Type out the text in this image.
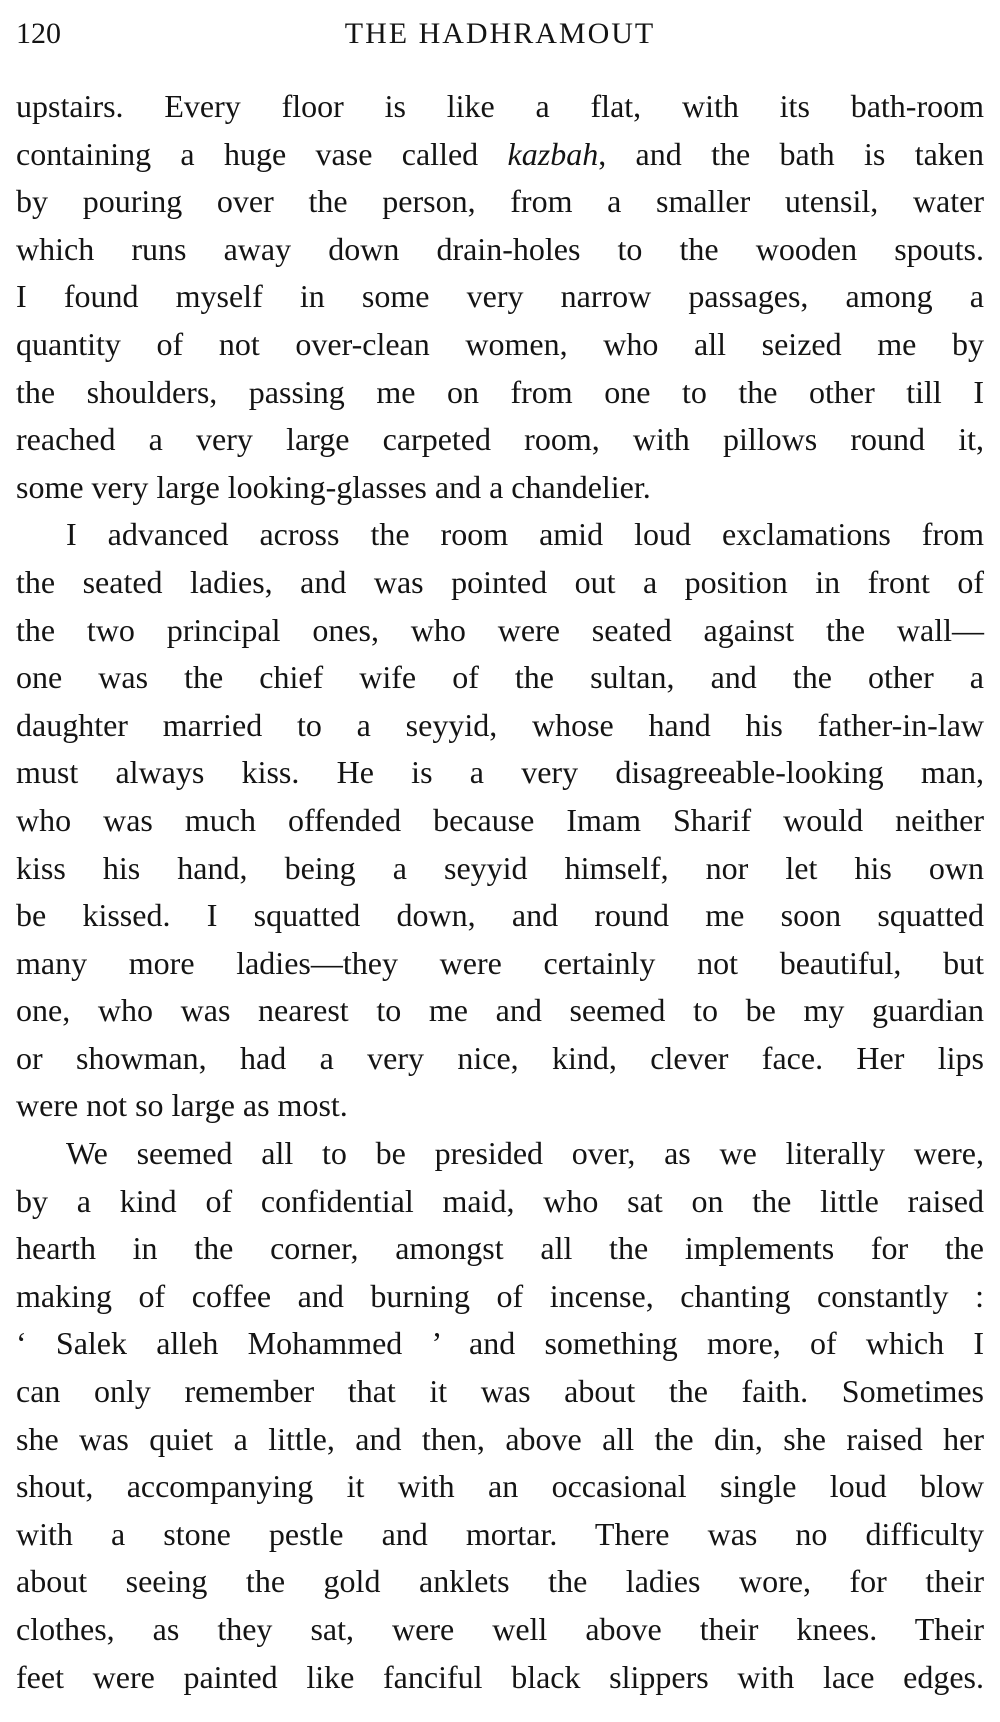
120	THE HADHRAMOUT
upstairs. Every floor is like a flat, with its bath-room
containing a huge vase called kazbah, and the bath is taken
by pouring over the person, from a smaller utensil, water
which runs away down drain-holes to the wooden spouts.
I found myself in some very narrow passages, among a
quantity of not over-clean women, who all seized me by
the shoulders, passing me on from one to the other till I
reached a very large carpeted room, with pillows round it,
some very large looking-glasses and a chandelier.
I advanced across the room amid loud exclamations from
the seated ladies, and was pointed out a position in front of
the two principal ones, who were seated against the wall—
one was the chief wife of the sultan, and the other a
daughter married to a seyyid, whose hand his father-in-law
must always kiss. He is a very disagreeable-looking man,
who was much offended because Imam Sharif would neither
kiss his hand, being a seyyid himself, nor let his own
be kissed. I squatted down, and round me soon squatted
many more ladies—they were certainly not beautiful, but
one, who was nearest to me and seemed to be my guardian
or showman, had a very nice, kind, clever face. Her lips
were not so large as most.
We seemed all to be presided over, as we literally were,
by a kind of confidential maid, who sat on the little raised
hearth in the corner, amongst all the implements for the
making of coffee and burning of incense, chanting constantly :
‘ Salek alleh Mohammed ’ and something more, of which I
can only remember that it was about the faith. Sometimes
she was quiet a little, and then, above all the din, she raised her
shout, accompanying it with an occasional single loud blow
with a stone pestle and mortar. There was no difficulty
about seeing the gold anklets the ladies wore, for their
clothes, as they sat, were well above their knees. Their
feet were painted like fanciful black slippers with lace edges.
